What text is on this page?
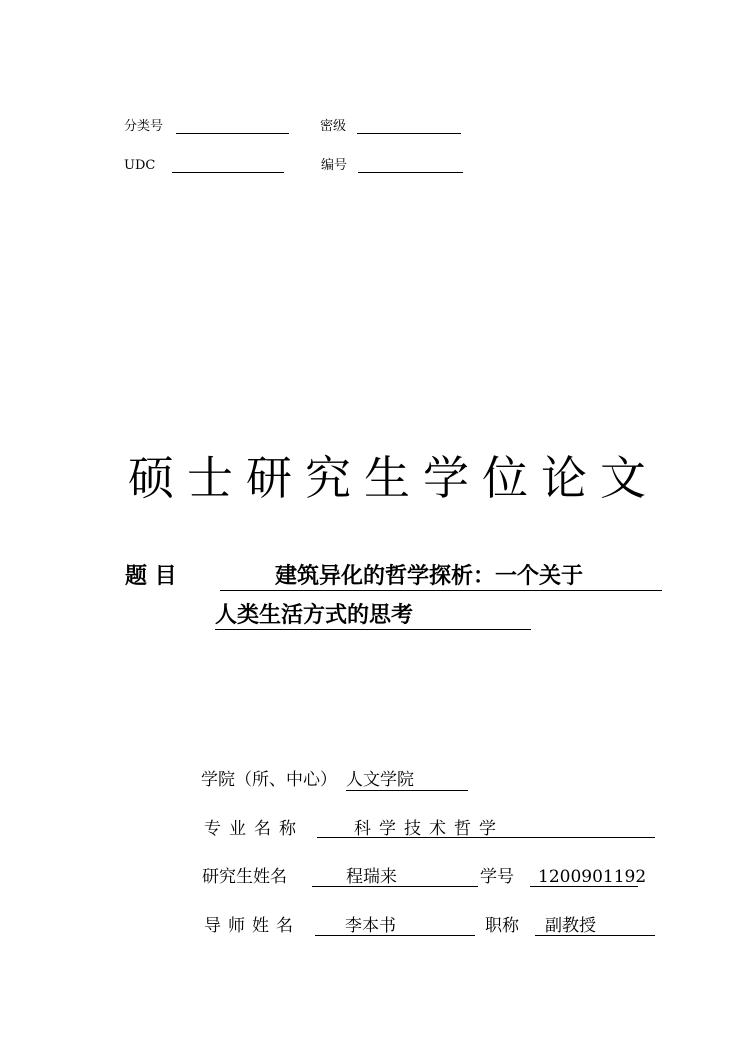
分类号	密级
UDC	编号
硕士研究生学位论文
题 目	建筑异化的哲学探析：一个关于
人类生活方式的思考
学院（所、中心） 人文学院
专业名称	科学技术哲学
研究生姓名	程瑞来	学号 1200901192
导师姓名	李本书	职称 副教授
